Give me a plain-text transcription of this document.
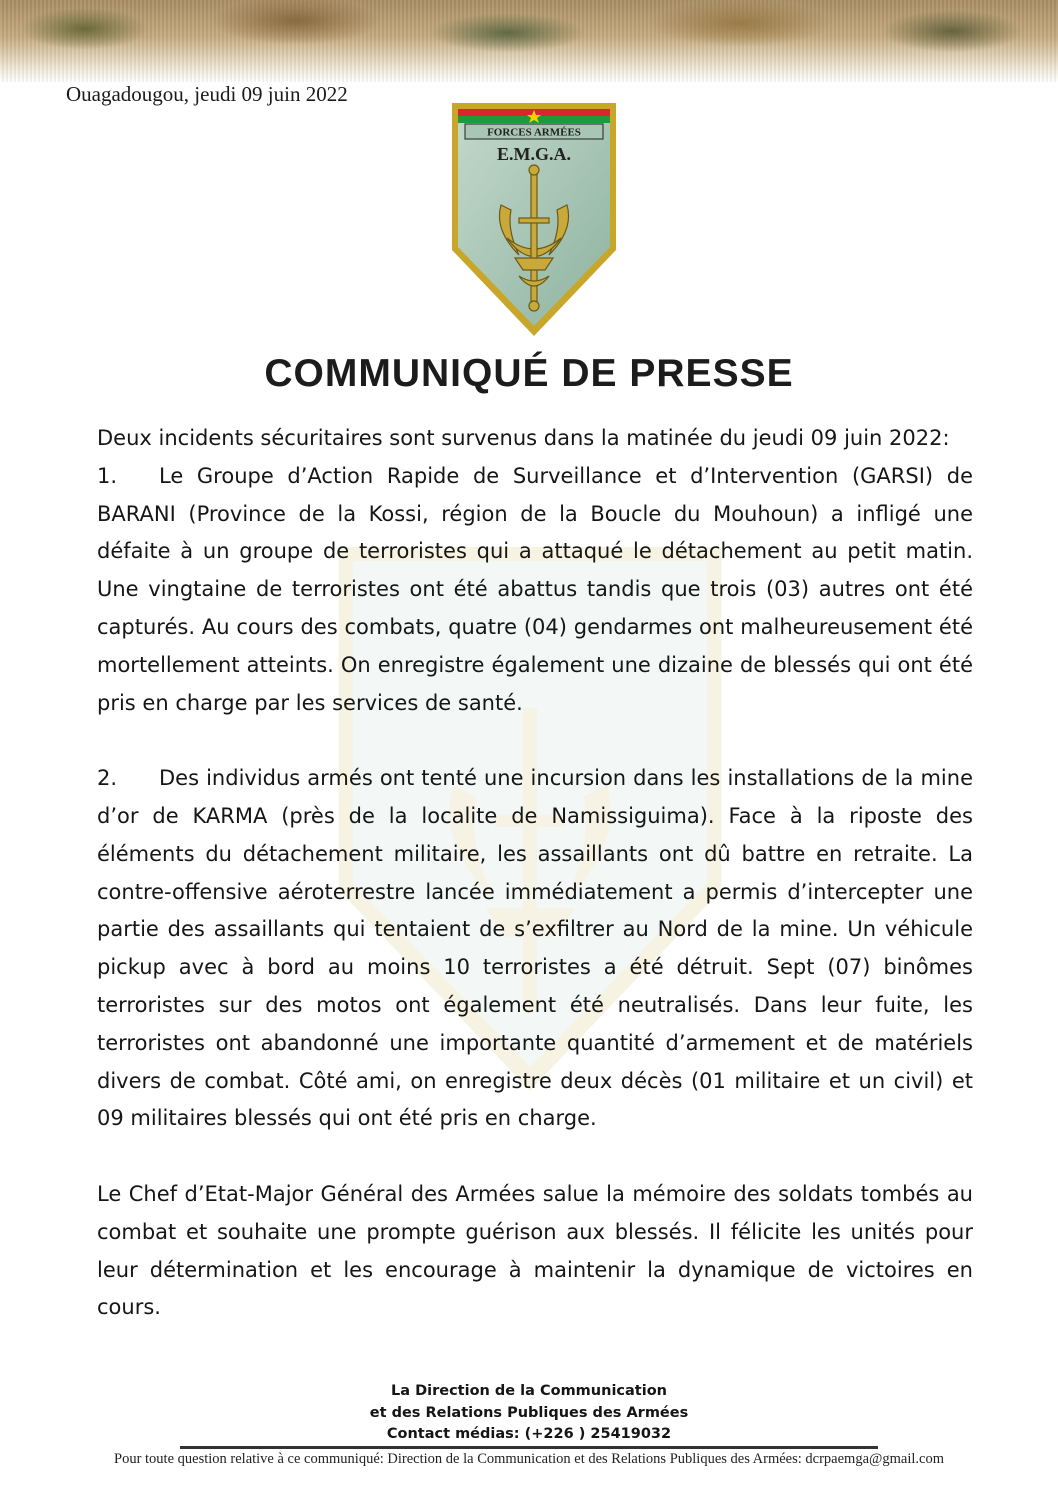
Ouagadougou, jeudi 09 juin 2022
FORCES ARMÉES
E.M.G.A.
COMMUNIQUÉ DE PRESSE

Deux incidents sécuritaires sont survenus dans la matinée du jeudi 09 juin 2022:

1. Le Groupe d’Action Rapide de Surveillance et d’Intervention (GARSI) de BARANI (Province de la Kossi, région de la Boucle du Mouhoun) a infligé une défaite à un groupe de terroristes qui a attaqué le détachement au petit matin. Une vingtaine de terroristes ont été abattus tandis que trois (03) autres ont été capturés. Au cours des combats, quatre (04) gendarmes ont malheureusement été mortellement atteints. On enregistre également une dizaine de blessés qui ont été pris en charge par les services de santé.

2. Des individus armés ont tenté une incursion dans les installations de la mine d’or de KARMA (près de la localite de Namissiguima). Face à la riposte des éléments du détachement militaire, les assaillants ont dû battre en retraite. La contre-offensive aéroterrestre lancée immédiatement a permis d’intercepter une partie des assaillants qui tentaient de s’exfiltrer au Nord de la mine. Un véhicule pickup avec à bord au moins 10 terroristes a été détruit. Sept (07) binômes terroristes sur des motos ont également été neutralisés. Dans leur fuite, les terroristes ont abandonné une importante quantité d’armement et de matériels divers de combat. Côté ami, on enregistre deux décès (01 militaire et un civil) et 09 militaires blessés qui ont été pris en charge.

Le Chef d’Etat-Major Général des Armées salue la mémoire des soldats tombés au combat et souhaite une prompte guérison aux blessés. Il félicite les unités pour leur détermination et les encourage à maintenir la dynamique de victoires en cours.

La Direction de la Communication
et des Relations Publiques des Armées
Contact médias: (+226 ) 25419032
Pour toute question relative à ce communiqué: Direction de la Communication et des Relations Publiques des Armées: dcrpaemga@gmail.com
